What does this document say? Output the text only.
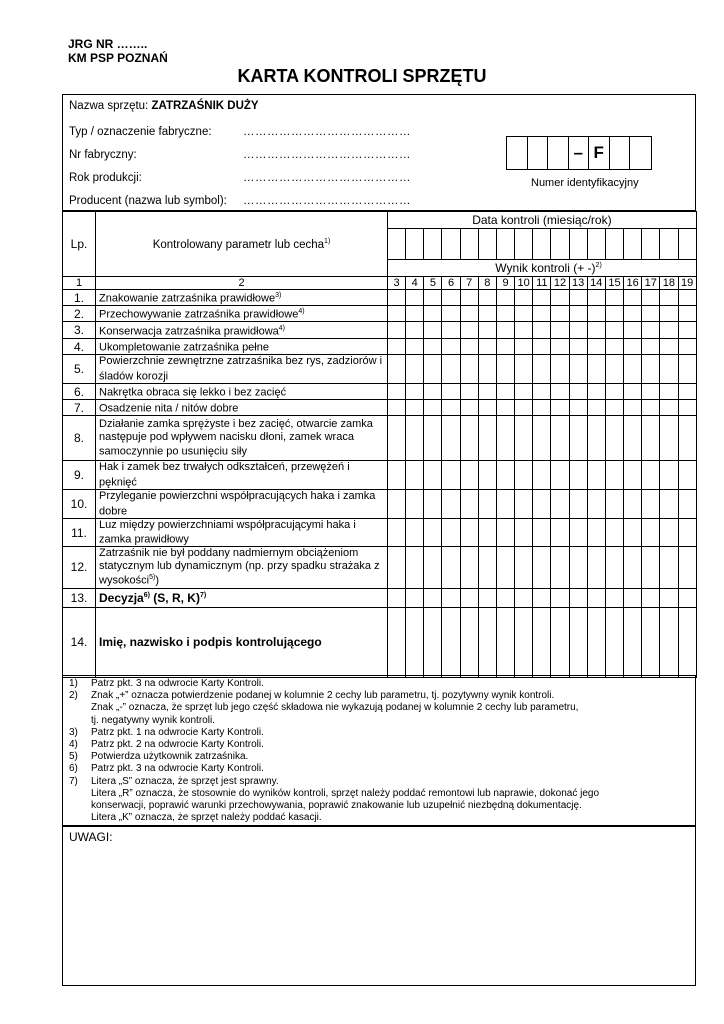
JRG NR ……..
KM PSP POZNAŃ
KARTA KONTROLI SPRZĘTU
Nazwa sprzętu: ZATRZAŚNIK DUŻY
Typ / oznaczenie fabryczne:	……………………………………
Nr fabryczny:	……………………………………
Rok produkcji:	……………………………………
Producent (nazwa lub symbol): ……………………………………
– F
Numer identyfikacyjny
Lp.	Kontrolowany parametr lub cecha$^{1)}$	Data kontroli (miesiąc/rok)																

		Wynik kontroli (+ -)$^{2)}$
1	2	3	4	5	6	7	8	9	10	11	12	13	14	15	16	17	18	19
1.	Znakowanie zatrzaśnika prawidłowe$^{3)}$																	
2.	Przechowywanie zatrzaśnika prawidłowe$^{4)}$																	
3.	Konserwacja zatrzaśnika prawidłowa$^{4)}$																	
4.	Ukompletowanie zatrzaśnika pełne																	
5.	Powierzchnie zewnętrzne zatrzaśnika bez rys, zadziorów i śladów korozji																	
6.	Nakrętka obraca się lekko i bez zacięć																	
7.	Osadzenie nita / nitów dobre																	
8.	Działanie zamka sprężyste i bez zacięć, otwarcie zamka następuje pod wpływem nacisku dłoni, zamek wraca samoczynnie po usunięciu siły																	
9.	Hak i zamek bez trwałych odkształceń, przewężeń i pęknięć																	
10.	Przyleganie powierzchni współpracujących haka i zamka dobre																	
11.	Luz między powierzchniami współpracującymi haka i zamka prawidłowy																	
12.	Zatrzaśnik nie był poddany nadmiernym obciążeniom statycznym lub dynamicznym (np. przy spadku strażaka z wysokości$^{5)}$)																	
13.	Decyzja$^{6)}$ (S, R, K)$^{7)}$																	
14.	Imię, nazwisko i podpis kontrolującego																	
1) Patrz pkt. 3 na odwrocie Karty Kontroli.
2) Znak „+” oznacza potwierdzenie podanej w kolumnie 2 cechy lub parametru, tj. pozytywny wynik kontroli.
Znak „-” oznacza, że sprzęt lub jego część składowa nie wykazują podanej w kolumnie 2 cechy lub parametru,
tj. negatywny wynik kontroli.
3) Patrz pkt. 1 na odwrocie Karty Kontroli.
4) Patrz pkt. 2 na odwrocie Karty Kontroli.
5) Potwierdza użytkownik zatrzaśnika.
6) Patrz pkt. 3 na odwrocie Karty Kontroli.
7) Litera „S” oznacza, że sprzęt jest sprawny.
Litera „R” oznacza, że stosownie do wyników kontroli, sprzęt należy poddać remontowi lub naprawie, dokonać jego
konserwacji, poprawić warunki przechowywania, poprawić znakowanie lub uzupełnić niezbędną dokumentację.
Litera „K” oznacza, że sprzęt należy poddać kasacji.
UWAGI:
